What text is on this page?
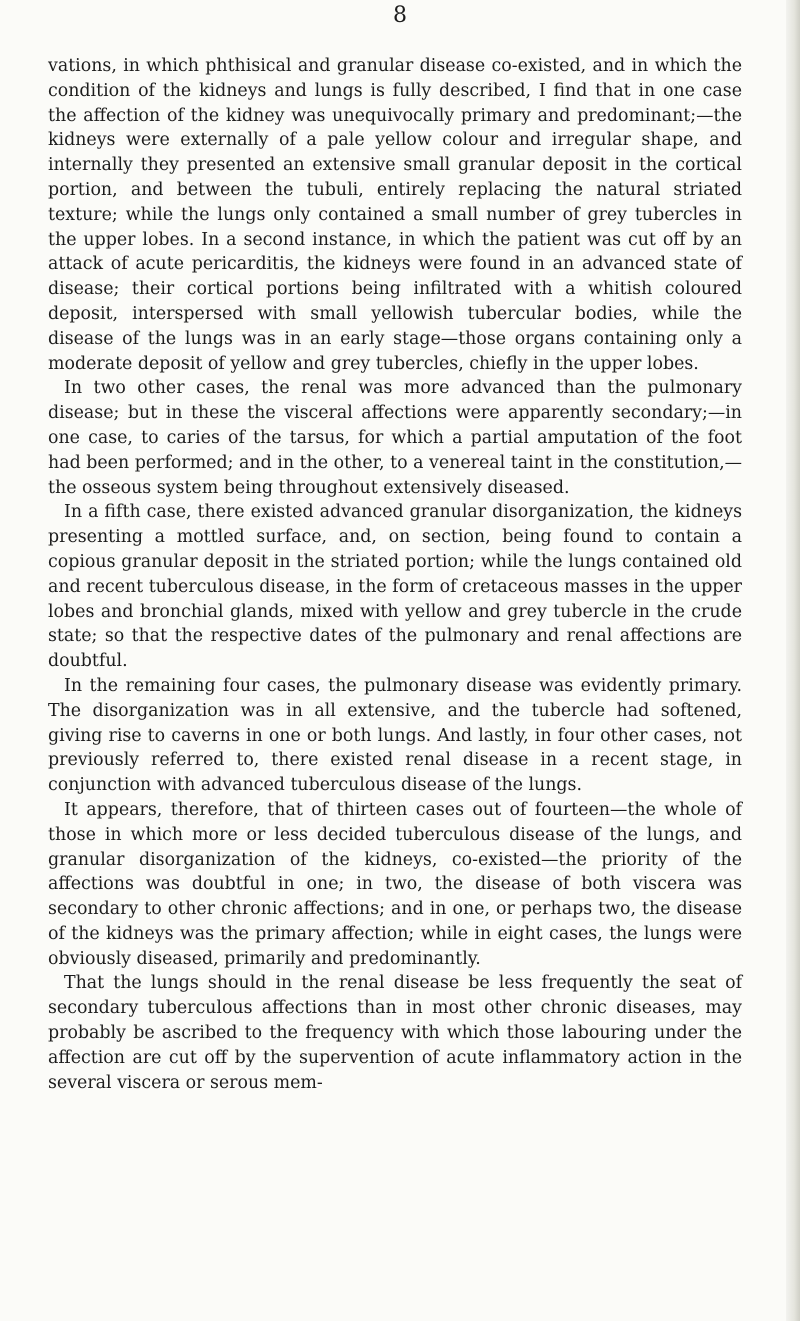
8

vations, in which phthisical and granular disease co-existed, and in which the condition of the kidneys and lungs is fully described, I find that in one case the affection of the kidney was unequivocally primary and predominant;—the kidneys were externally of a pale yellow colour and irregular shape, and internally they presented an extensive small granular deposit in the cortical portion, and between the tubuli, entirely replacing the natural striated texture; while the lungs only contained a small number of grey tubercles in the upper lobes. In a second instance, in which the patient was cut off by an attack of acute pericarditis, the kidneys were found in an advanced state of disease; their cortical portions being infiltrated with a whitish coloured deposit, interspersed with small yellowish tubercular bodies, while the disease of the lungs was in an early stage—those organs containing only a moderate deposit of yellow and grey tubercles, chiefly in the upper lobes.

In two other cases, the renal was more advanced than the pulmonary disease; but in these the visceral affections were apparently secondary;—in one case, to caries of the tarsus, for which a partial amputation of the foot had been performed; and in the other, to a venereal taint in the constitution,—the osseous system being throughout extensively diseased.

In a fifth case, there existed advanced granular disorganization, the kidneys presenting a mottled surface, and, on section, being found to contain a copious granular deposit in the striated portion; while the lungs contained old and recent tuberculous disease, in the form of cretaceous masses in the upper lobes and bronchial glands, mixed with yellow and grey tubercle in the crude state; so that the respective dates of the pulmonary and renal affections are doubtful.

In the remaining four cases, the pulmonary disease was evidently primary. The disorganization was in all extensive, and the tubercle had softened, giving rise to caverns in one or both lungs. And lastly, in four other cases, not previously referred to, there existed renal disease in a recent stage, in conjunction with advanced tuberculous disease of the lungs.

It appears, therefore, that of thirteen cases out of fourteen—the whole of those in which more or less decided tuberculous disease of the lungs, and granular disorganization of the kidneys, co-existed—the priority of the affections was doubtful in one; in two, the disease of both viscera was secondary to other chronic affections; and in one, or perhaps two, the disease of the kidneys was the primary affection; while in eight cases, the lungs were obviously diseased, primarily and predominantly.

That the lungs should in the renal disease be less frequently the seat of secondary tuberculous affections than in most other chronic diseases, may probably be ascribed to the frequency with which those labouring under the affection are cut off by the supervention of acute inflammatory action in the several viscera or serous mem-
